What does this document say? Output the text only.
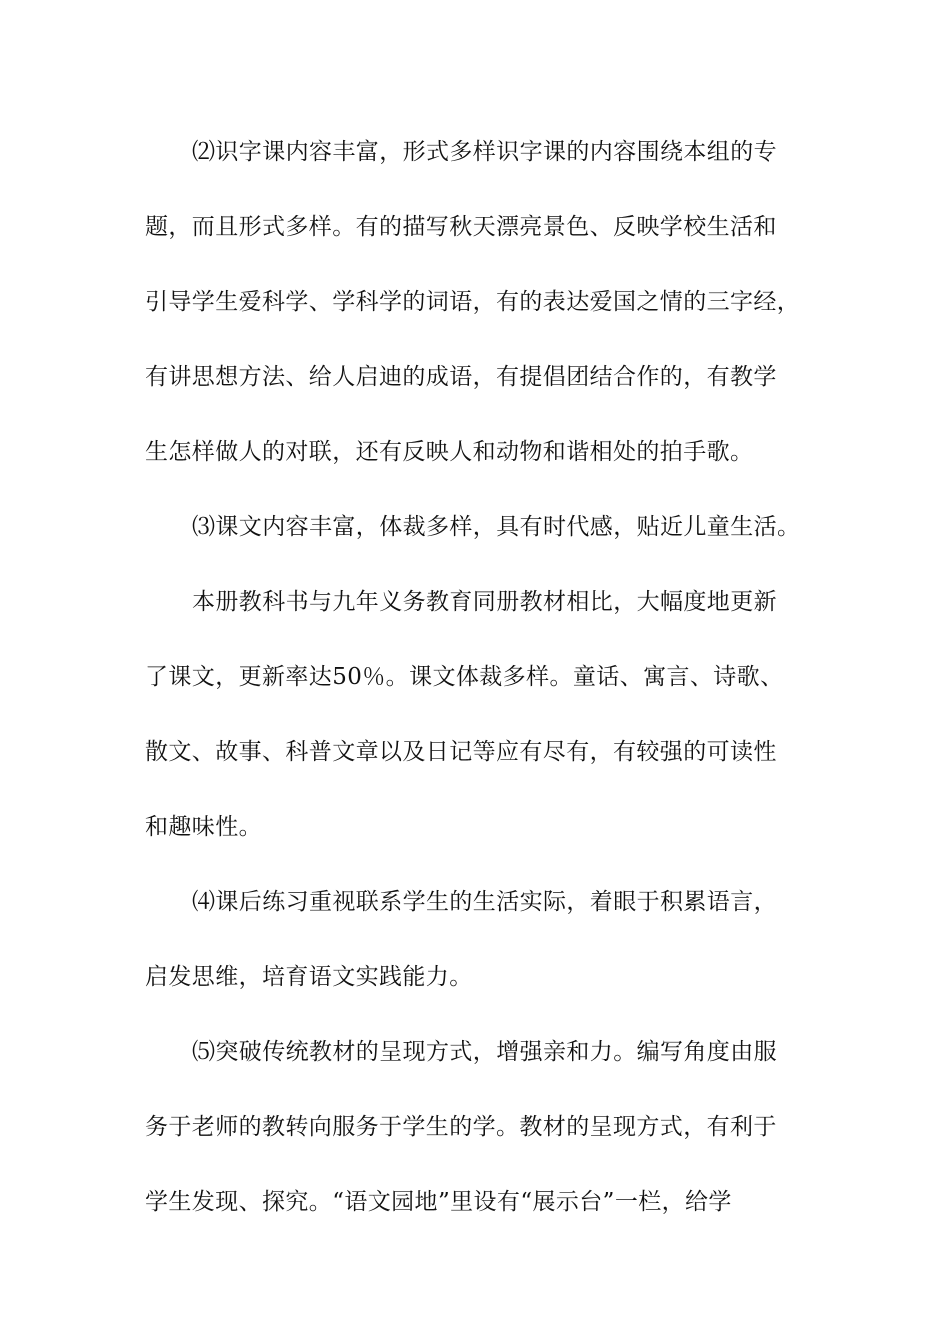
⑵识字课内容丰富，形式多样识字课的内容围绕本组的专
题，而且形式多样。有的描写秋天漂亮景色、反映学校生活和
引导学生爱科学、学科学的词语，有的表达爱国之情的三字经，
有讲思想方法、给人启迪的成语，有提倡团结合作的，有教学
生怎样做人的对联，还有反映人和动物和谐相处的拍手歌。
⑶课文内容丰富，体裁多样，具有时代感，贴近儿童生活。
本册教科书与九年义务教育同册教材相比，大幅度地更新
了课文，更新率达50％。课文体裁多样。童话、寓言、诗歌、
散文、故事、科普文章以及日记等应有尽有，有较强的可读性
和趣味性。
⑷课后练习重视联系学生的生活实际，着眼于积累语言，
启发思维，培育语文实践能力。
⑸突破传统教材的呈现方式，增强亲和力。编写角度由服
务于老师的教转向服务于学生的学。教材的呈现方式，有利于
学生发现、探究。“语文园地”里设有“展示台”一栏，给学
